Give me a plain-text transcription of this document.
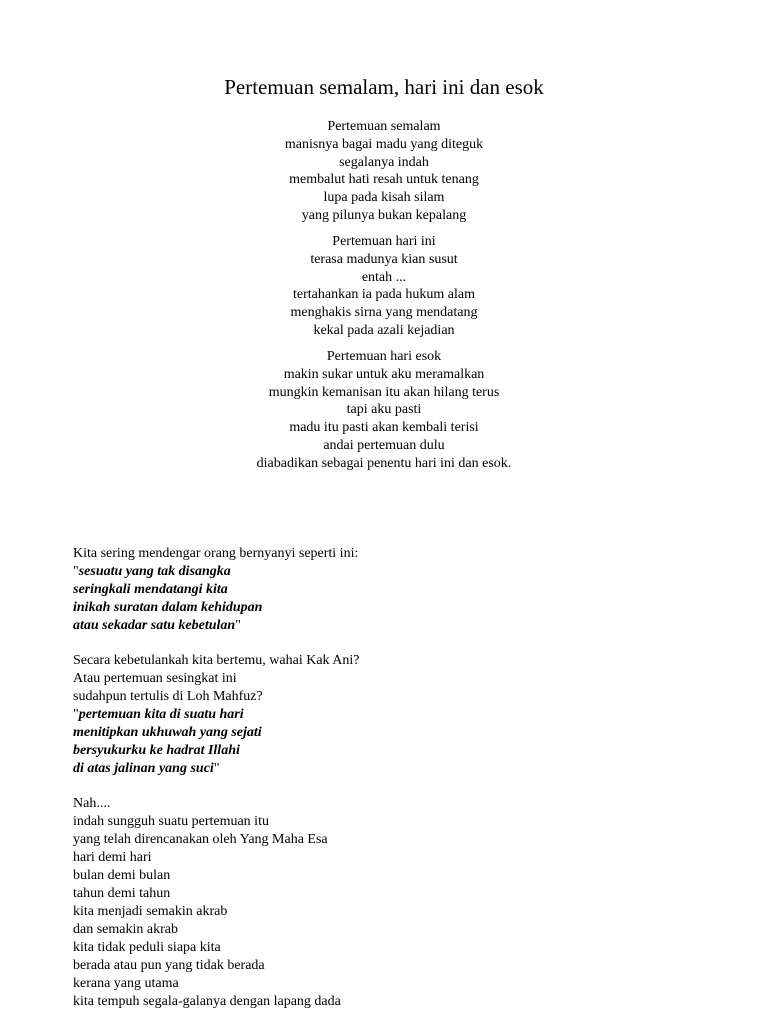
Pertemuan semalam, hari ini dan esok
Pertemuan semalam
manisnya bagai madu yang diteguk
segalanya indah
membalut hati resah untuk tenang
lupa pada kisah silam
yang pilunya bukan kepalang
Pertemuan hari ini
terasa madunya kian susut
entah ...
tertahankan ia pada hukum alam
menghakis sirna yang mendatang
kekal pada azali kejadian
Pertemuan hari esok
makin sukar untuk aku meramalkan
mungkin kemanisan itu akan hilang terus
tapi aku pasti
madu itu pasti akan kembali terisi
andai pertemuan dulu
diabadikan sebagai penentu hari ini dan esok.
Kita sering mendengar orang bernyanyi seperti ini:
"sesuatu yang tak disangka
seringkali mendatangi kita
inikah suratan dalam kehidupan
atau sekadar satu kebetulan"
Secara kebetulankah kita bertemu, wahai Kak Ani?
Atau pertemuan sesingkat ini
sudahpun tertulis di Loh Mahfuz?
"pertemuan kita di suatu hari
menitipkan ukhuwah yang sejati
bersyukurku ke hadrat Illahi
di atas jalinan yang suci"
Nah....
indah sungguh suatu pertemuan itu
yang telah direncanakan oleh Yang Maha Esa
hari demi hari
bulan demi bulan
tahun demi tahun
kita menjadi semakin akrab
dan semakin akrab
kita tidak peduli siapa kita
berada atau pun yang tidak berada
kerana yang utama
kita tempuh segala-galanya dengan lapang dada
